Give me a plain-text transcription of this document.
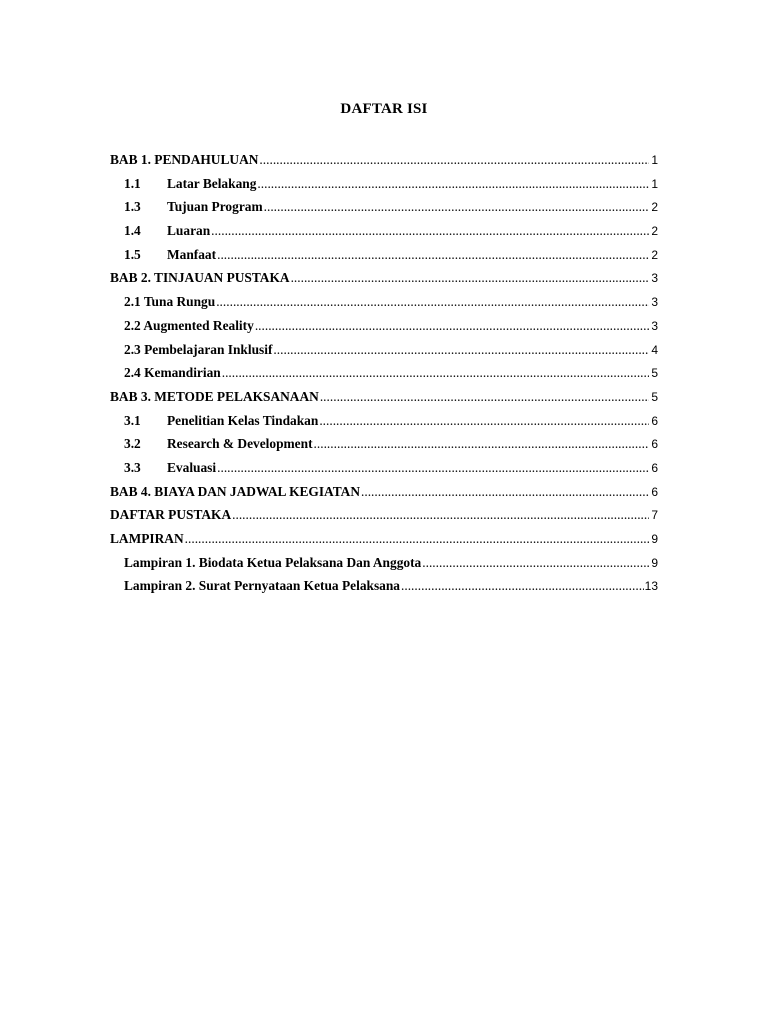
DAFTAR ISI
BAB 1. PENDAHULUAN .....	1
1.1	Latar Belakang .....	1
1.3	Tujuan Program .....	2
1.4	Luaran .....	2
1.5	Manfaat .....	2
BAB 2. TINJAUAN PUSTAKA .....	3
2.1 Tuna Rungu .....	3
2.2 Augmented Reality .....	3
2.3 Pembelajaran Inklusif .....	4
2.4 Kemandirian .....	5
BAB 3. METODE PELAKSANAAN .....	5
3.1	Penelitian Kelas Tindakan .....	6
3.2	Research & Development .....	6
3.3	Evaluasi .....	6
BAB 4. BIAYA DAN JADWAL KEGIATAN .....	6
DAFTAR PUSTAKA .....	7
LAMPIRAN .....	9
Lampiran 1. Biodata Ketua Pelaksana Dan Anggota .....	9
Lampiran 2. Surat Pernyataan Ketua Pelaksana .....	13
